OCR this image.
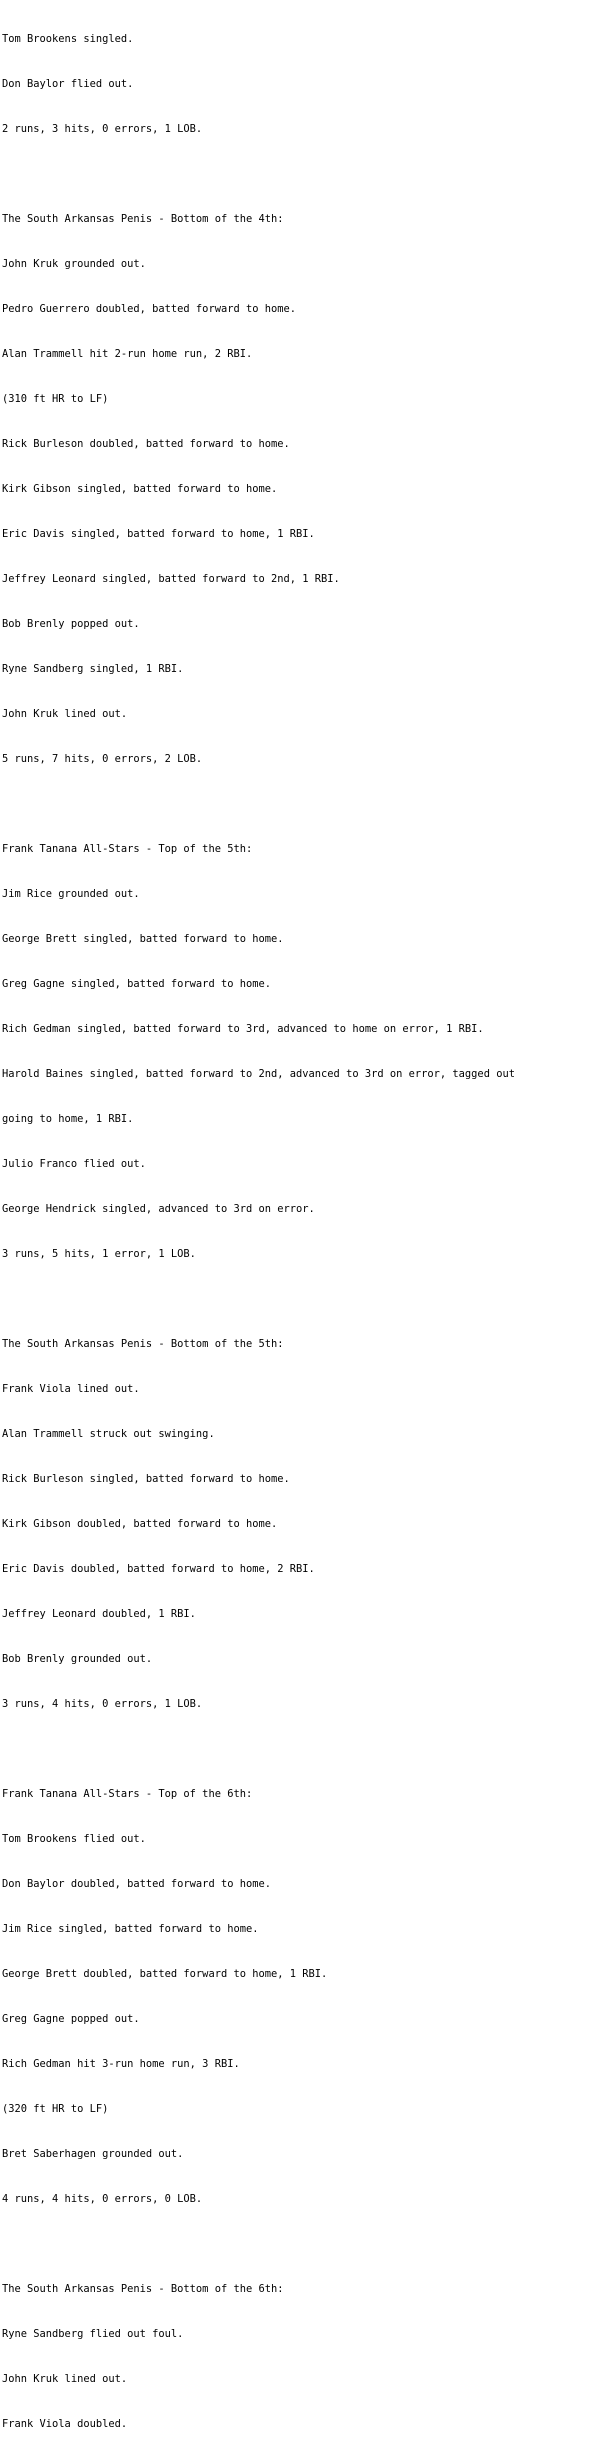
Tom Brookens singled.

Don Baylor flied out.

2 runs, 3 hits, 0 errors, 1 LOB.

The South Arkansas Penis - Bottom of the 4th:

John Kruk grounded out.

Pedro Guerrero doubled, batted forward to home.

Alan Trammell hit 2-run home run, 2 RBI.

(310 ft HR to LF)

Rick Burleson doubled, batted forward to home.

Kirk Gibson singled, batted forward to home.

Eric Davis singled, batted forward to home, 1 RBI.

Jeffrey Leonard singled, batted forward to 2nd, 1 RBI.

Bob Brenly popped out.

Ryne Sandberg singled, 1 RBI.

John Kruk lined out.

5 runs, 7 hits, 0 errors, 2 LOB.

Frank Tanana All-Stars - Top of the 5th:

Jim Rice grounded out.

George Brett singled, batted forward to home.

Greg Gagne singled, batted forward to home.

Rich Gedman singled, batted forward to 3rd, advanced to home on error, 1 RBI.

Harold Baines singled, batted forward to 2nd, advanced to 3rd on error, tagged out

going to home, 1 RBI.

Julio Franco flied out.

George Hendrick singled, advanced to 3rd on error.

3 runs, 5 hits, 1 error, 1 LOB.

The South Arkansas Penis - Bottom of the 5th:

Frank Viola lined out.

Alan Trammell struck out swinging.

Rick Burleson singled, batted forward to home.

Kirk Gibson doubled, batted forward to home.

Eric Davis doubled, batted forward to home, 2 RBI.

Jeffrey Leonard doubled, 1 RBI.

Bob Brenly grounded out.

3 runs, 4 hits, 0 errors, 1 LOB.

Frank Tanana All-Stars - Top of the 6th:

Tom Brookens flied out.

Don Baylor doubled, batted forward to home.

Jim Rice singled, batted forward to home.

George Brett doubled, batted forward to home, 1 RBI.

Greg Gagne popped out.

Rich Gedman hit 3-run home run, 3 RBI.

(320 ft HR to LF)

Bret Saberhagen grounded out.

4 runs, 4 hits, 0 errors, 0 LOB.

The South Arkansas Penis - Bottom of the 6th:

Ryne Sandberg flied out foul.

John Kruk lined out.

Frank Viola doubled.
